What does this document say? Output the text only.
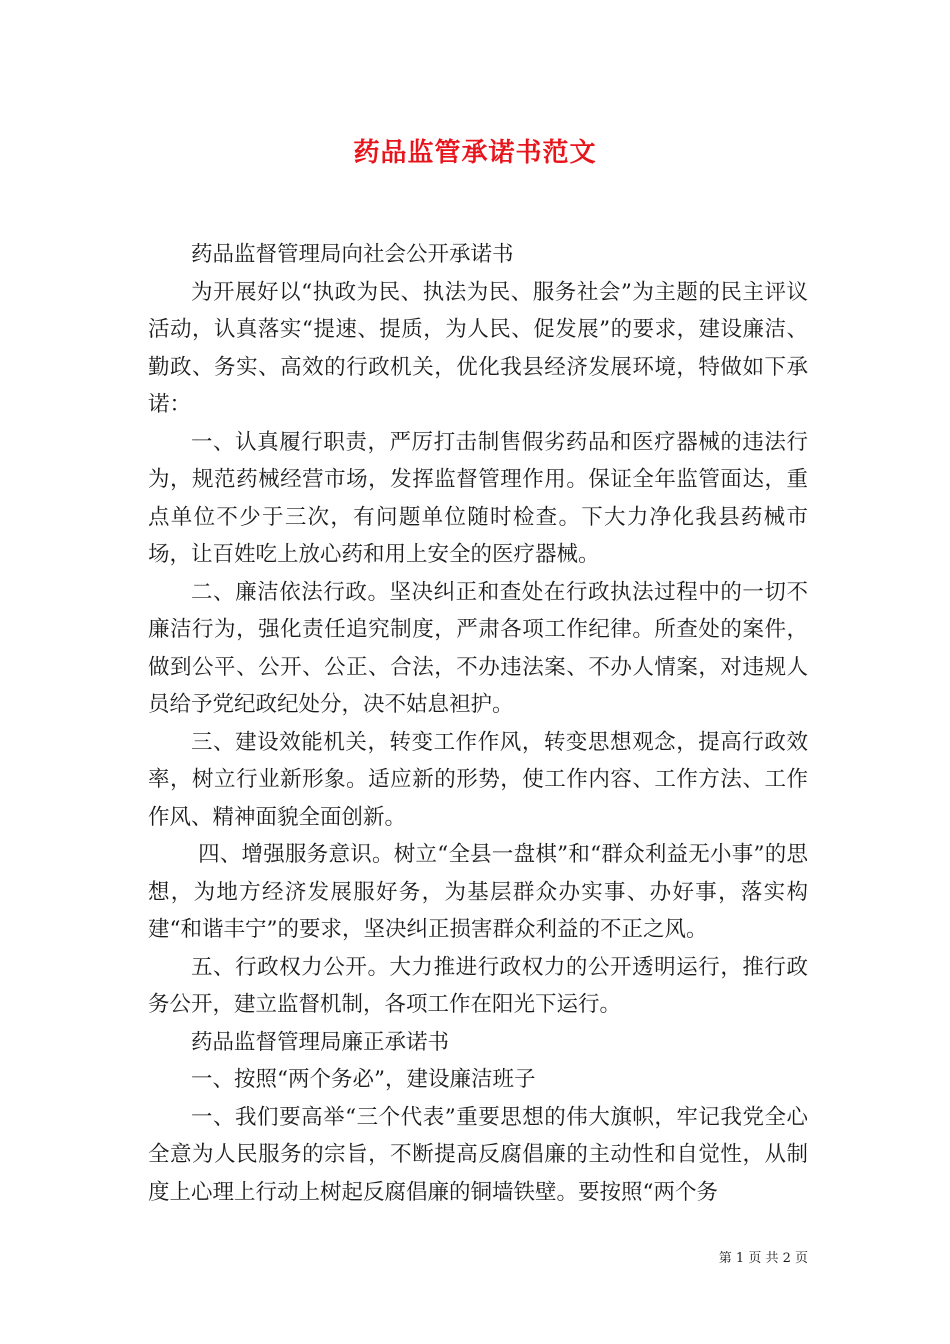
药品监管承诺书范文

药品监督管理局向社会公开承诺书

为开展好以“执政为民、执法为民、服务社会”为主题的民主评议活动，认真落实“提速、提质，为人民、促发展”的要求，建设廉洁、勤政、务实、高效的行政机关，优化我县经济发展环境，特做如下承诺：

一、认真履行职责，严厉打击制售假劣药品和医疗器械的违法行为，规范药械经营市场，发挥监督管理作用。保证全年监管面达，重点单位不少于三次，有问题单位随时检查。下大力净化我县药械市场，让百姓吃上放心药和用上安全的医疗器械。

二、廉洁依法行政。坚决纠正和查处在行政执法过程中的一切不廉洁行为，强化责任追究制度，严肃各项工作纪律。所查处的案件，做到公平、公开、公正、合法，不办违法案、不办人情案，对违规人员给予党纪政纪处分，决不姑息袒护。

三、建设效能机关，转变工作作风，转变思想观念，提高行政效率，树立行业新形象。适应新的形势，使工作内容、工作方法、工作作风、精神面貌全面创新。

四、增强服务意识。树立“全县一盘棋”和“群众利益无小事”的思想，为地方经济发展服好务，为基层群众办实事、办好事，落实构建“和谐丰宁”的要求，坚决纠正损害群众利益的不正之风。

五、行政权力公开。大力推进行政权力的公开透明运行，推行政务公开，建立监督机制，各项工作在阳光下运行。

药品监督管理局廉正承诺书

一、按照“两个务必”，建设廉洁班子

一、我们要高举“三个代表”重要思想的伟大旗帜，牢记我党全心全意为人民服务的宗旨，不断提高反腐倡廉的主动性和自觉性，从制度上心理上行动上树起反腐倡廉的铜墙铁壁。要按照“两个务

第 1 页 共 2 页
